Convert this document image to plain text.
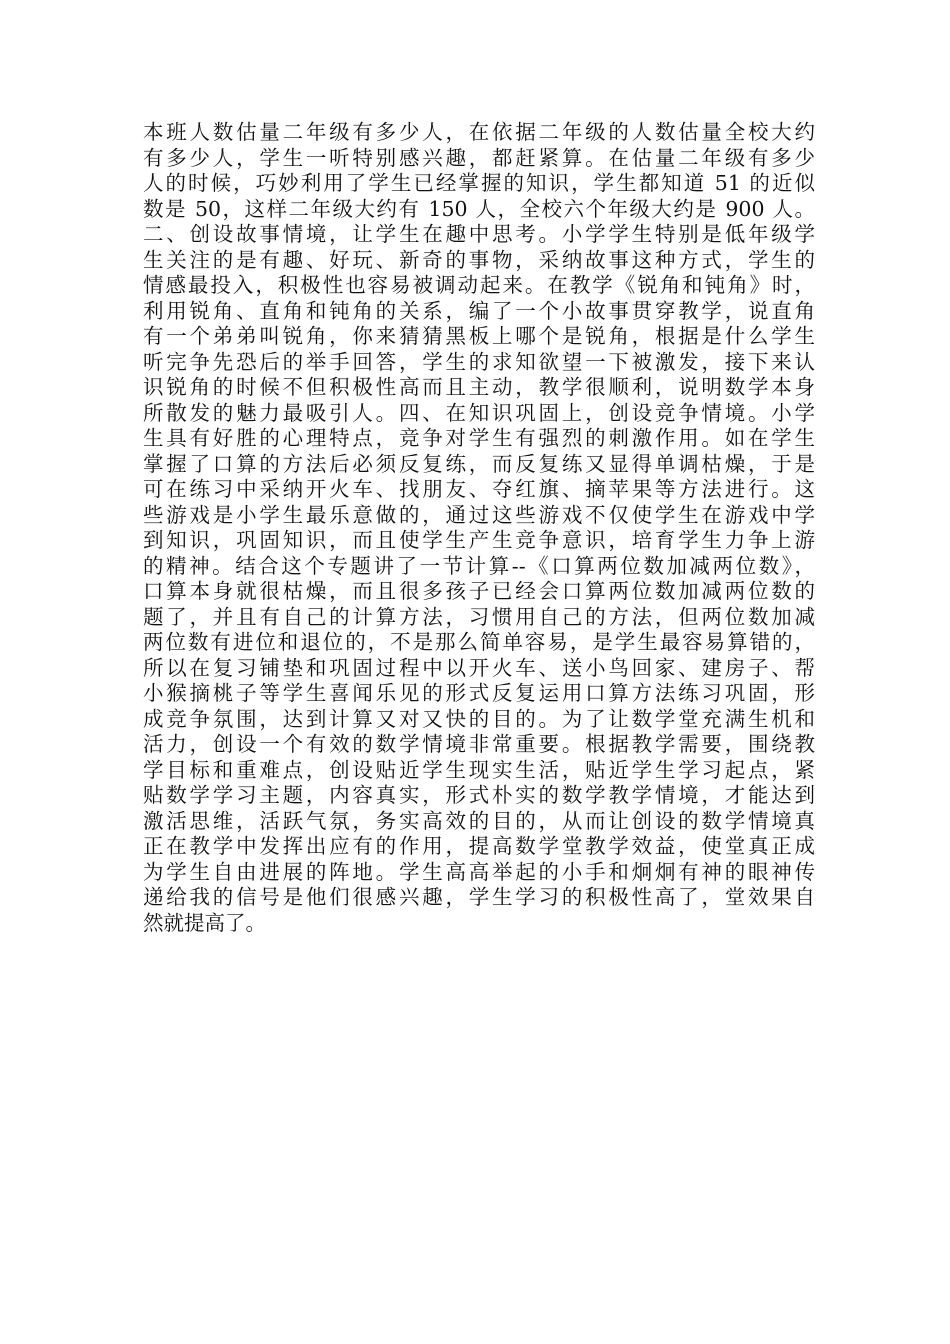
本班人数估量二年级有多少人，在依据二年级的人数估量全校大约
有多少人，学生一听特别感兴趣，都赶紧算。在估量二年级有多少
人的时候，巧妙利用了学生已经掌握的知识，学生都知道 51 的近似
数是 50，这样二年级大约有 150 人，全校六个年级大约是 900 人。
二、创设故事情境，让学生在趣中思考。小学学生特别是低年级学
生关注的是有趣、好玩、新奇的事物，采纳故事这种方式，学生的
情感最投入，积极性也容易被调动起来。在教学《锐角和钝角》时，
利用锐角、直角和钝角的关系，编了一个小故事贯穿教学，说直角
有一个弟弟叫锐角，你来猜猜黑板上哪个是锐角，根据是什么学生
听完争先恐后的举手回答，学生的求知欲望一下被激发，接下来认
识锐角的时候不但积极性高而且主动，教学很顺利，说明数学本身
所散发的魅力最吸引人。四、在知识巩固上，创设竞争情境。小学
生具有好胜的心理特点，竞争对学生有强烈的刺激作用。如在学生
掌握了口算的方法后必须反复练，而反复练又显得单调枯燥，于是
可在练习中采纳开火车、找朋友、夺红旗、摘苹果等方法进行。这
些游戏是小学生最乐意做的，通过这些游戏不仅使学生在游戏中学
到知识，巩固知识，而且使学生产生竞争意识，培育学生力争上游
的精神。结合这个专题讲了一节计算--《口算两位数加减两位数》，
口算本身就很枯燥，而且很多孩子已经会口算两位数加减两位数的
题了，并且有自己的计算方法，习惯用自己的方法，但两位数加减
两位数有进位和退位的，不是那么简单容易，是学生最容易算错的，
所以在复习铺垫和巩固过程中以开火车、送小鸟回家、建房子、帮
小猴摘桃子等学生喜闻乐见的形式反复运用口算方法练习巩固，形
成竞争氛围，达到计算又对又快的目的。为了让数学堂充满生机和
活力，创设一个有效的数学情境非常重要。根据教学需要，围绕教
学目标和重难点，创设贴近学生现实生活，贴近学生学习起点，紧
贴数学学习主题，内容真实，形式朴实的数学教学情境，才能达到
激活思维，活跃气氛，务实高效的目的，从而让创设的数学情境真
正在教学中发挥出应有的作用，提高数学堂教学效益，使堂真正成
为学生自由进展的阵地。学生高高举起的小手和炯炯有神的眼神传
递给我的信号是他们很感兴趣，学生学习的积极性高了，堂效果自
然就提高了。
